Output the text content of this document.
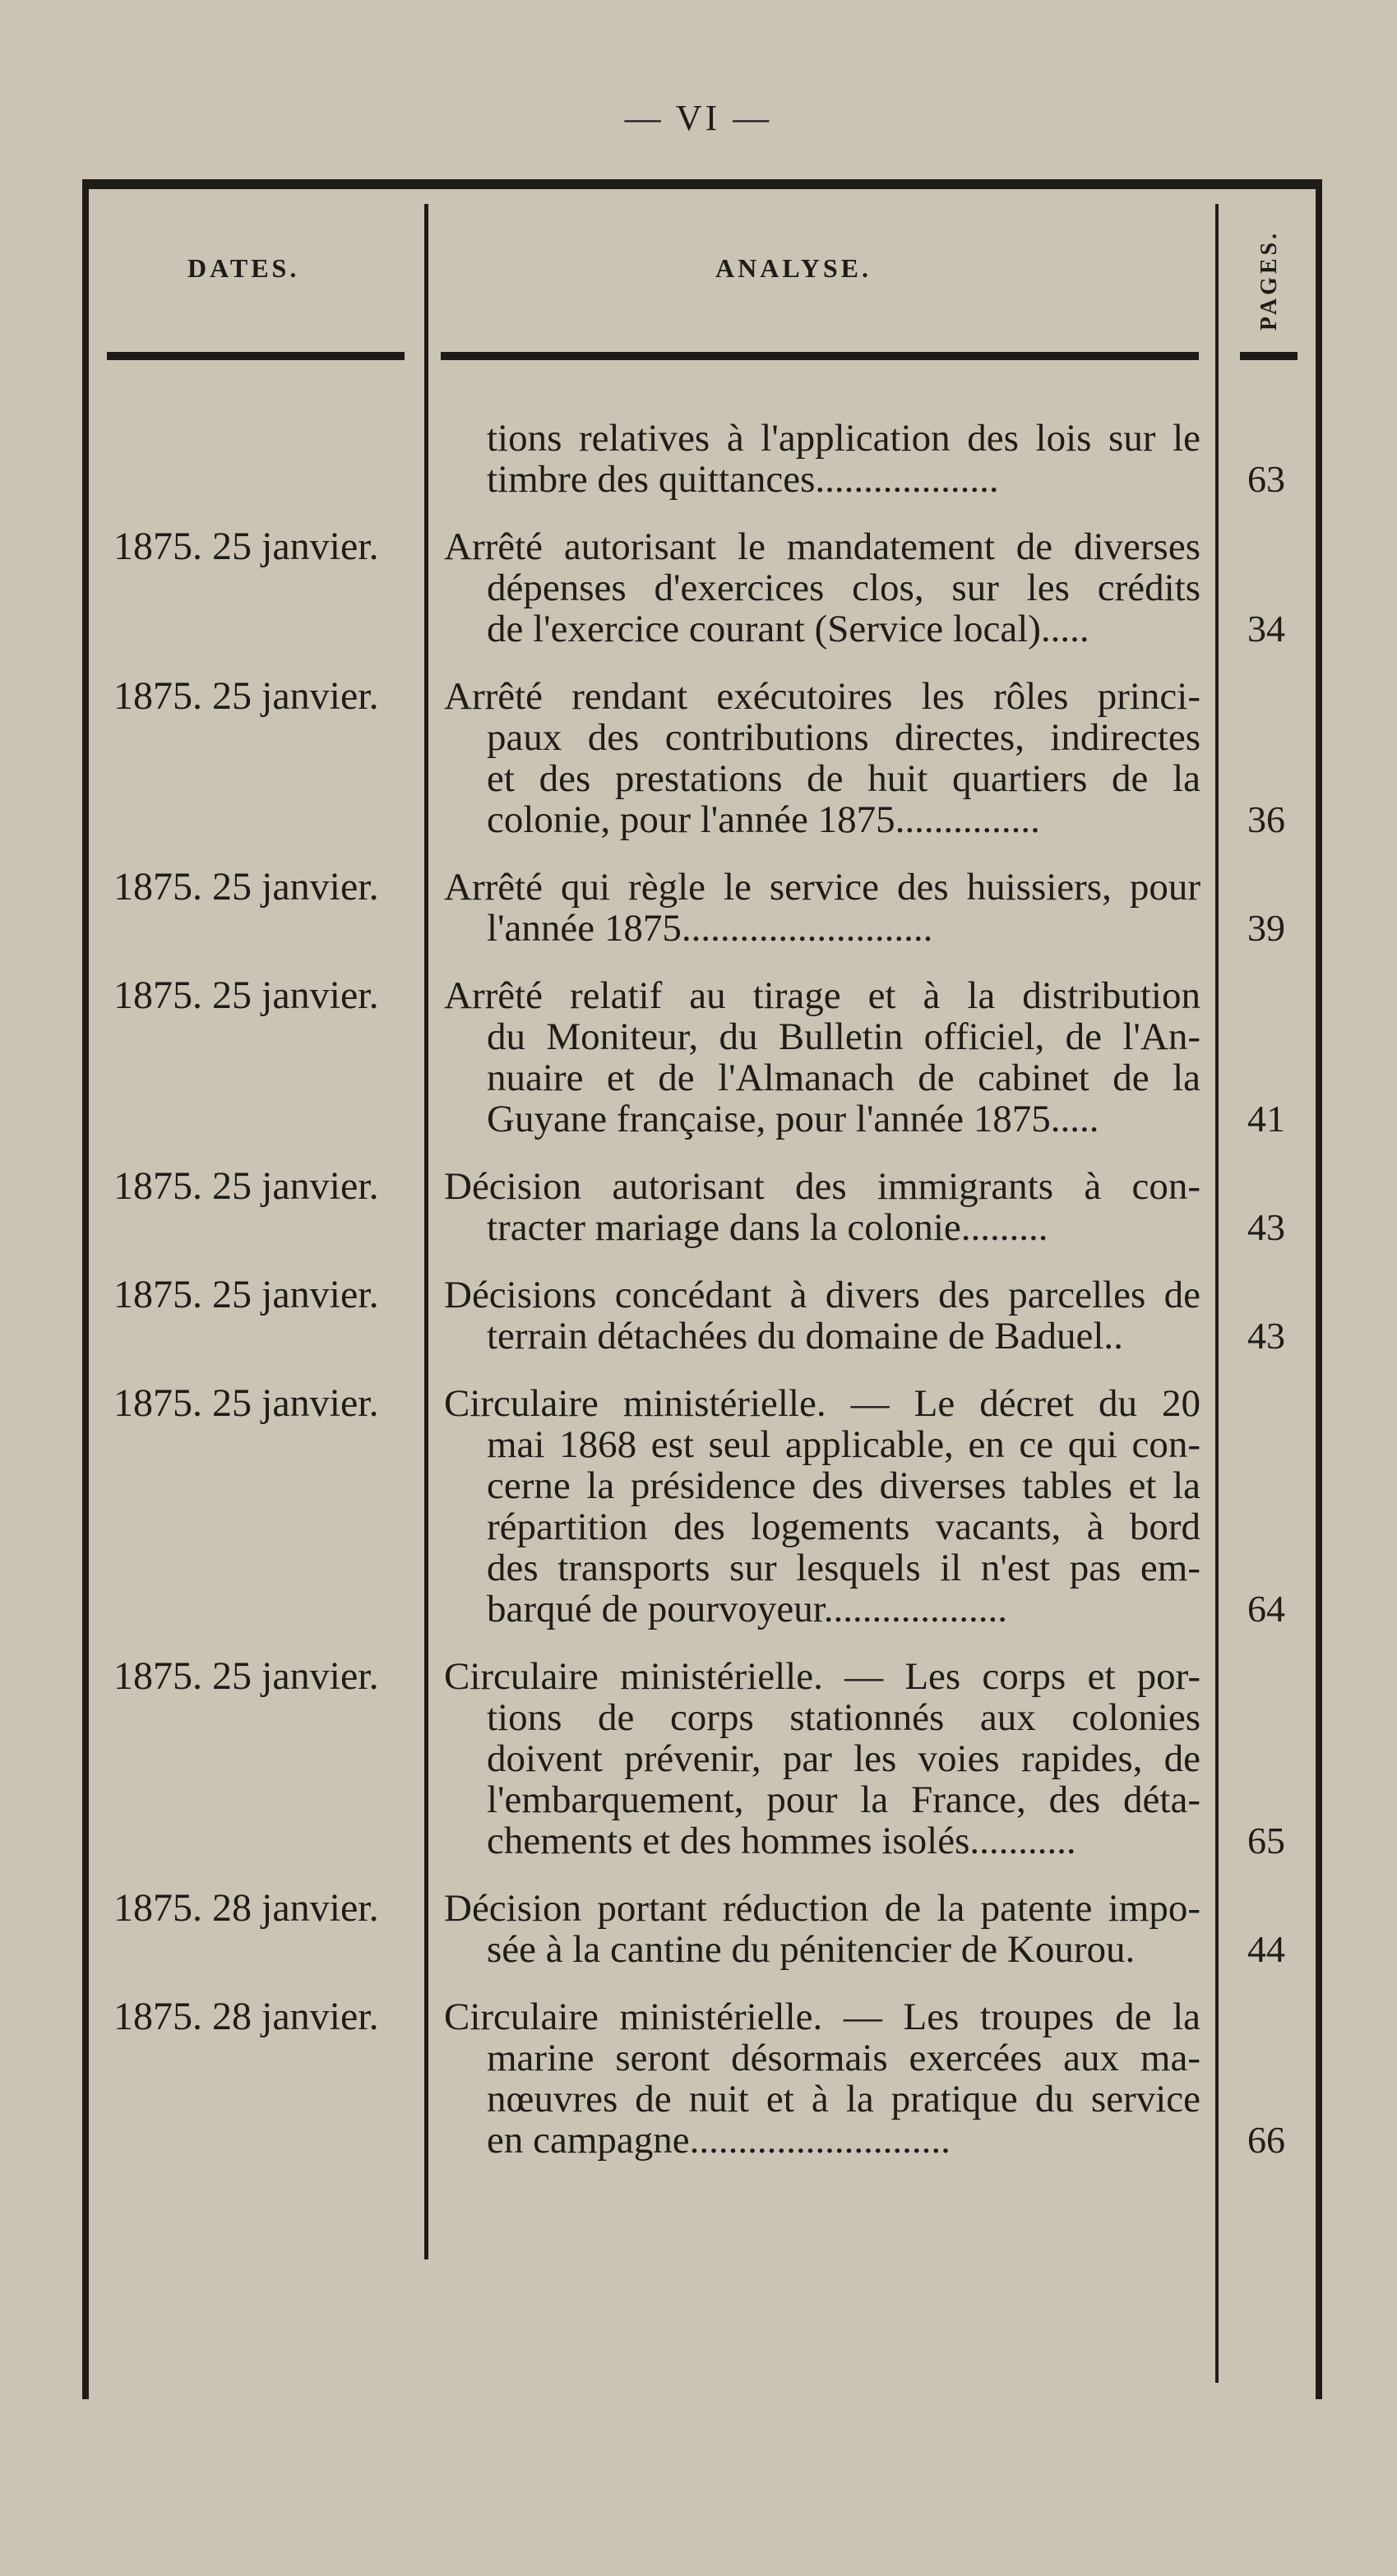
— VI —
DATES.	ANALYSE.	PAGES.
tions relatives à l'application des lois sur le
timbre des quittances...................	63
1875. 25 janvier.	Arrêté autorisant le mandatement de diverses
dépenses d'exercices clos, sur les crédits
de l'exercice courant (Service local).....	34
1875. 25 janvier.	Arrêté rendant exécutoires les rôles princi-
paux des contributions directes, indirectes
et des prestations de huit quartiers de la
colonie, pour l'année 1875...............	36
1875. 25 janvier.	Arrêté qui règle le service des huissiers, pour
l'année 1875..........................	39
1875. 25 janvier.	Arrêté relatif au tirage et à la distribution
du Moniteur, du Bulletin officiel, de l'An-
nuaire et de l'Almanach de cabinet de la
Guyane française, pour l'année 1875.....	41
1875. 25 janvier.	Décision autorisant des immigrants à con-
tracter mariage dans la colonie.........	43
1875. 25 janvier.	Décisions concédant à divers des parcelles de
terrain détachées du domaine de Baduel..	43
1875. 25 janvier.	Circulaire ministérielle. — Le décret du 20
mai 1868 est seul applicable, en ce qui con-
cerne la présidence des diverses tables et la
répartition des logements vacants, à bord
des transports sur lesquels il n'est pas em-
barqué de pourvoyeur...................	64
1875. 25 janvier.	Circulaire ministérielle. — Les corps et por-
tions de corps stationnés aux colonies
doivent prévenir, par les voies rapides, de
l'embarquement, pour la France, des déta-
chements et des hommes isolés...........	65
1875. 28 janvier.	Décision portant réduction de la patente impo-
sée à la cantine du pénitencier de Kourou.	44
1875. 28 janvier.	Circulaire ministérielle. — Les troupes de la
marine seront désormais exercées aux ma-
nœuvres de nuit et à la pratique du service
en campagne...........................	66
